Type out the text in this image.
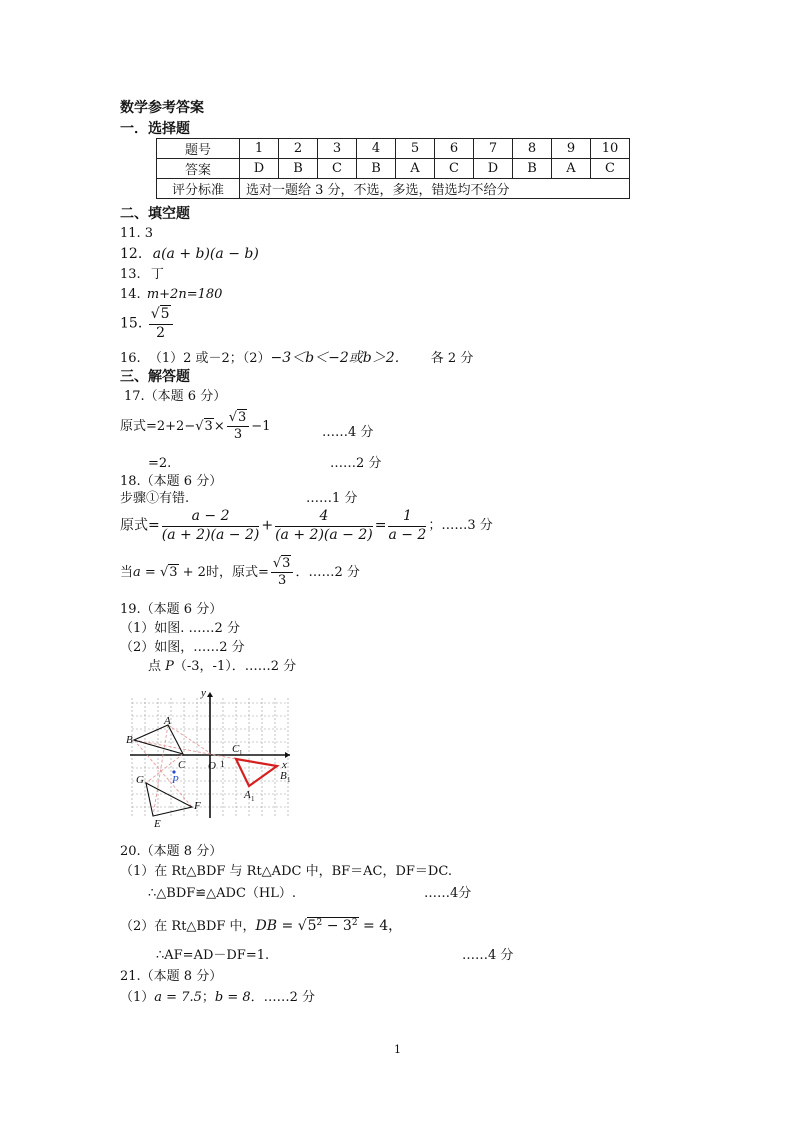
数学参考答案
一．选择题
题号	1	2	3	4	5	6	7	8	9	10
答案	D	B	C	B	A	C	D	B	A	C
评分标准	选对一题给 3 分，不选，多选，错选均不给分									
二、填空题
11. 3
12. a(a + b)(a − b)
13. 丁
14. m+2n=180
15. $\frac{√5}{2}$
16. （1）2 或－2；（2）−3＜b＜−2或b＞2． 各 2 分
三、解答题
17.（本题 6 分）
原式$=2+2-√3\times \frac{√3}{3} -1$	……4 分
=2.	……2 分
18.（本题 6 分）
步骤①有错.	……1 分
原式= $\frac{a - 2}{(a + 2)(a - 2)} + \frac{4}{(a + 2)(a - 2)} = \frac{1}{a - 2}$ ；……3 分
当a = √3 + 2时，原式= $\frac{√3}{3}$ ．……2 分
19.（本题 6 分）
（1）如图. ……2 分
（2）如图，……2 分
点 P（-3，-1）．……2 分
y
x
A
B
C O 1
C 1
B 1
A 1
G	P
F
E
20.（本题 8 分）
（1）在 Rt△BDF 与 Rt△ADC 中，BF＝AC，DF＝DC.
∴△BDF≌△ADC（HL）.	……4分
（2）在 Rt△BDF 中，DB = $√5^2 - 3^2 = 4$，
∴AF=AD－DF=1.	……4 分
21.（本题 8 分）
（1）a = 7.5；b = 8．……2 分
1
